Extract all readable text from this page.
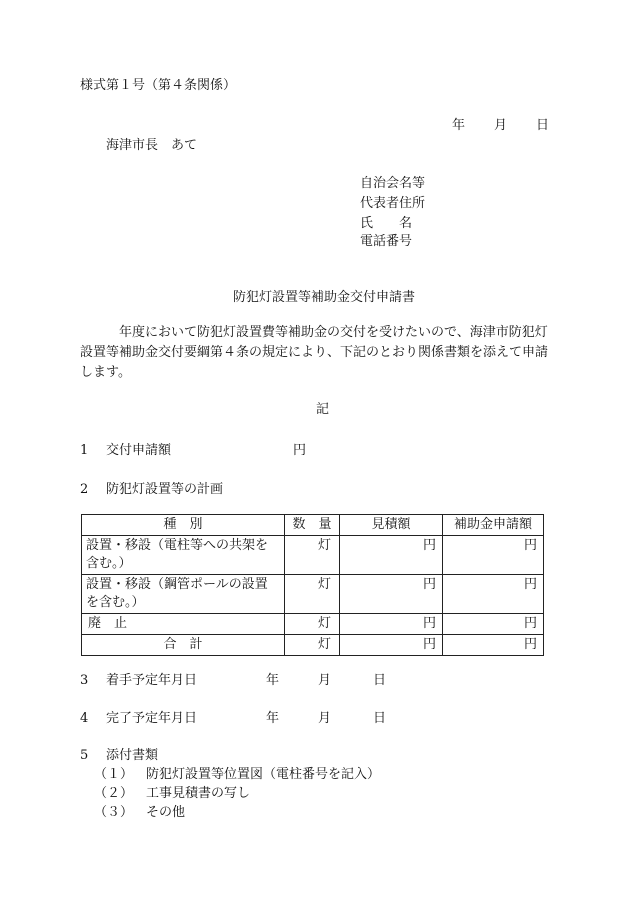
様式第１号（第４条関係）
年 月 日
海津市長　あて
自治会名等
代表者住所
氏　　名
電話番号
防犯灯設置等補助金交付申請書
年度において防犯灯設置費等補助金の交付を受けたいので、海津市防犯灯設置等補助金交付要綱第４条の規定により、下記のとおり関係書類を添えて申請します。
記
1 交付申請額	円
2 防犯灯設置等の計画
種　別	数　量	見積額	補助金申請額
設置・移設（電柱等への共架を含む。）	灯	円	円
設置・移設（鋼管ポールの設置を含む。）	灯	円	円
廃　止	灯	円	円
合　計	灯	円	円
3 着手予定年月日	年	月	日
4 完了予定年月日	年	月	日
5 添付書類
（１） 防犯灯設置等位置図（電柱番号を記入）
（２） 工事見積書の写し
（３） その他
